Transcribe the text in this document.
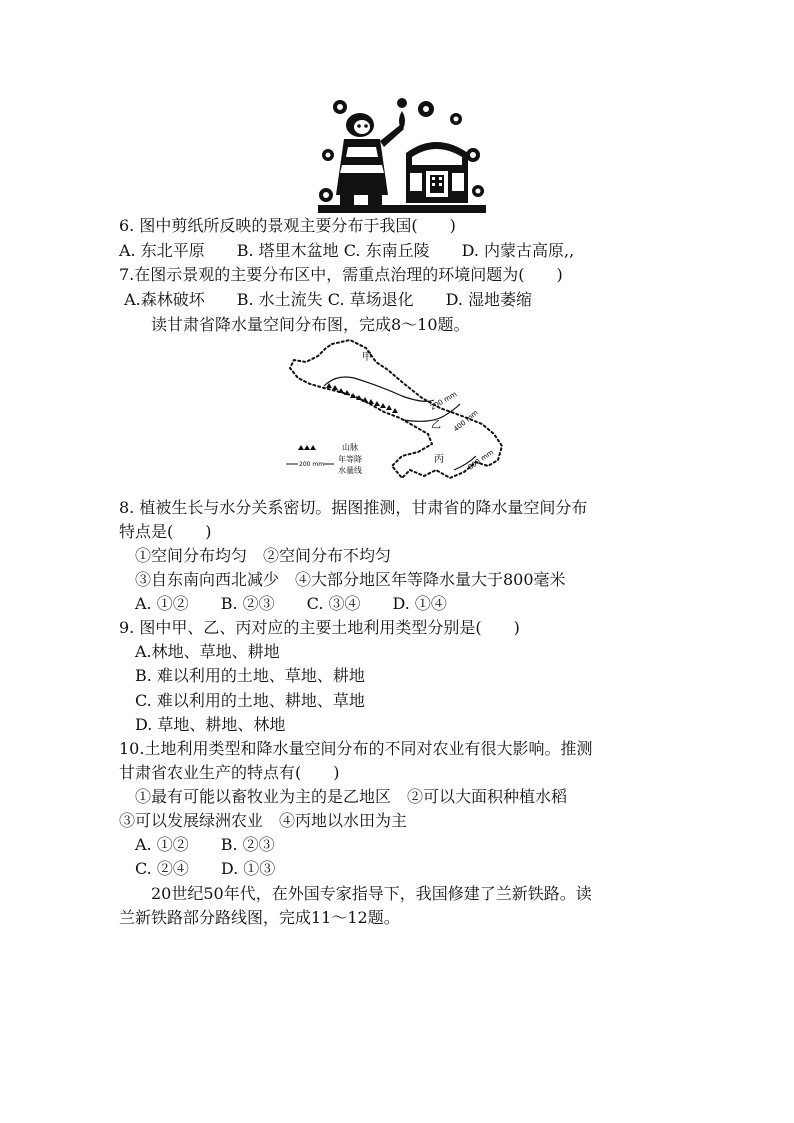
6. 图中剪纸所反映的景观主要分布于我国(　　)
A. 东北平原　　B. 塔里木盆地 C. 东南丘陵　　D. 内蒙古高原,,
7.在图示景观的主要分布区中，需重点治理的环境问题为(　　)
A.森林破坏　　B. 水土流失 C. 草场退化　　D. 湿地萎缩
　　读甘肃省降水量空间分布图，完成8～10题。
甲
乙
丙
200 mm
400 mm
800 mm
山脉
200 mm
年等降
水量线
8. 植被生长与水分关系密切。据图推测，甘肃省的降水量空间分布
特点是(　　)
　①空间分布均匀　②空间分布不均匀
　③自东南向西北减少　④大部分地区年等降水量大于800毫米
　A. ①②　　B. ②③　　C. ③④　　D. ①④
9. 图中甲、乙、丙对应的主要土地利用类型分别是(　　)
　A.林地、草地、耕地
　B. 难以利用的土地、草地、耕地
　C. 难以利用的土地、耕地、草地
　D. 草地、耕地、林地
10.土地利用类型和降水量空间分布的不同对农业有很大影响。推测
甘肃省农业生产的特点有(　　)
　①最有可能以畜牧业为主的是乙地区　②可以大面积种植水稻
③可以发展绿洲农业　④丙地以水田为主
　A. ①②　　B. ②③
　C. ②④　　D. ①③
　　20世纪50年代，在外国专家指导下，我国修建了兰新铁路。读
兰新铁路部分路线图，完成11～12题。
